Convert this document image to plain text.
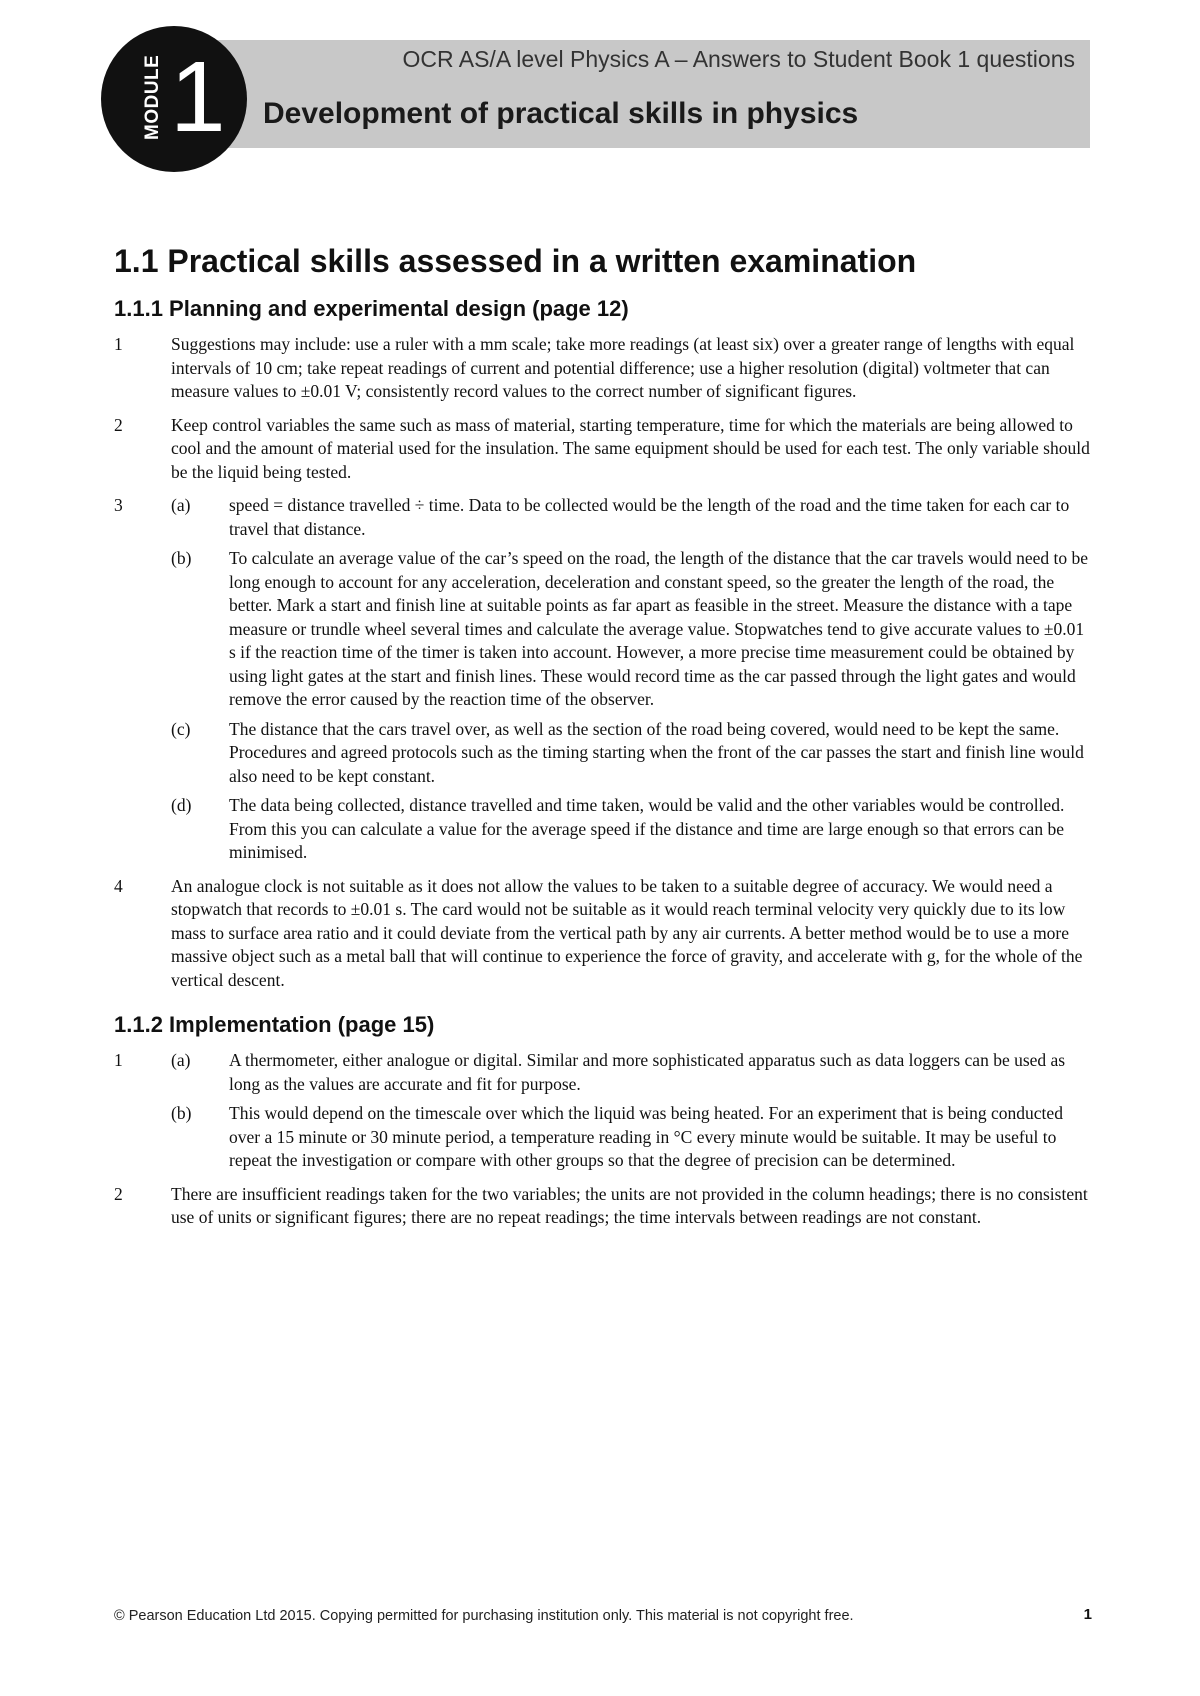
MODULE 1	OCR AS/A level Physics A – Answers to Student Book 1 questions
Development of practical skills in physics
1.1 Practical skills assessed in a written examination
1.1.1 Planning and experimental design (page 12)
1	Suggestions may include: use a ruler with a mm scale; take more readings (at least six) over a greater range of lengths with equal intervals of 10 cm; take repeat readings of current and potential difference; use a higher resolution (digital) voltmeter that can measure values to ±0.01 V; consistently record values to the correct number of significant figures.
2	Keep control variables the same such as mass of material, starting temperature, time for which the materials are being allowed to cool and the amount of material used for the insulation. The same equipment should be used for each test. The only variable should be the liquid being tested.
3	(a)	speed = distance travelled ÷ time. Data to be collected would be the length of the road and the time taken for each car to travel that distance.
(b)	To calculate an average value of the car’s speed on the road, the length of the distance that the car travels would need to be long enough to account for any acceleration, deceleration and constant speed, so the greater the length of the road, the better. Mark a start and finish line at suitable points as far apart as feasible in the street. Measure the distance with a tape measure or trundle wheel several times and calculate the average value. Stopwatches tend to give accurate values to ±0.01 s if the reaction time of the timer is taken into account. However, a more precise time measurement could be obtained by using light gates at the start and finish lines. These would record time as the car passed through the light gates and would remove the error caused by the reaction time of the observer.
(c)	The distance that the cars travel over, as well as the section of the road being covered, would need to be kept the same. Procedures and agreed protocols such as the timing starting when the front of the car passes the start and finish line would also need to be kept constant.
(d)	The data being collected, distance travelled and time taken, would be valid and the other variables would be controlled. From this you can calculate a value for the average speed if the distance and time are large enough so that errors can be minimised.
4	An analogue clock is not suitable as it does not allow the values to be taken to a suitable degree of accuracy. We would need a stopwatch that records to ±0.01 s. The card would not be suitable as it would reach terminal velocity very quickly due to its low mass to surface area ratio and it could deviate from the vertical path by any air currents. A better method would be to use a more massive object such as a metal ball that will continue to experience the force of gravity, and accelerate with g, for the whole of the vertical descent.
1.1.2 Implementation (page 15)
1	(a)	A thermometer, either analogue or digital. Similar and more sophisticated apparatus such as data loggers can be used as long as the values are accurate and fit for purpose.
(b)	This would depend on the timescale over which the liquid was being heated. For an experiment that is being conducted over a 15 minute or 30 minute period, a temperature reading in °C every minute would be suitable. It may be useful to repeat the investigation or compare with other groups so that the degree of precision can be determined.
2	There are insufficient readings taken for the two variables; the units are not provided in the column headings; there is no consistent use of units or significant figures; there are no repeat readings; the time intervals between readings are not constant.
© Pearson Education Ltd 2015. Copying permitted for purchasing institution only. This material is not copyright free.	1
